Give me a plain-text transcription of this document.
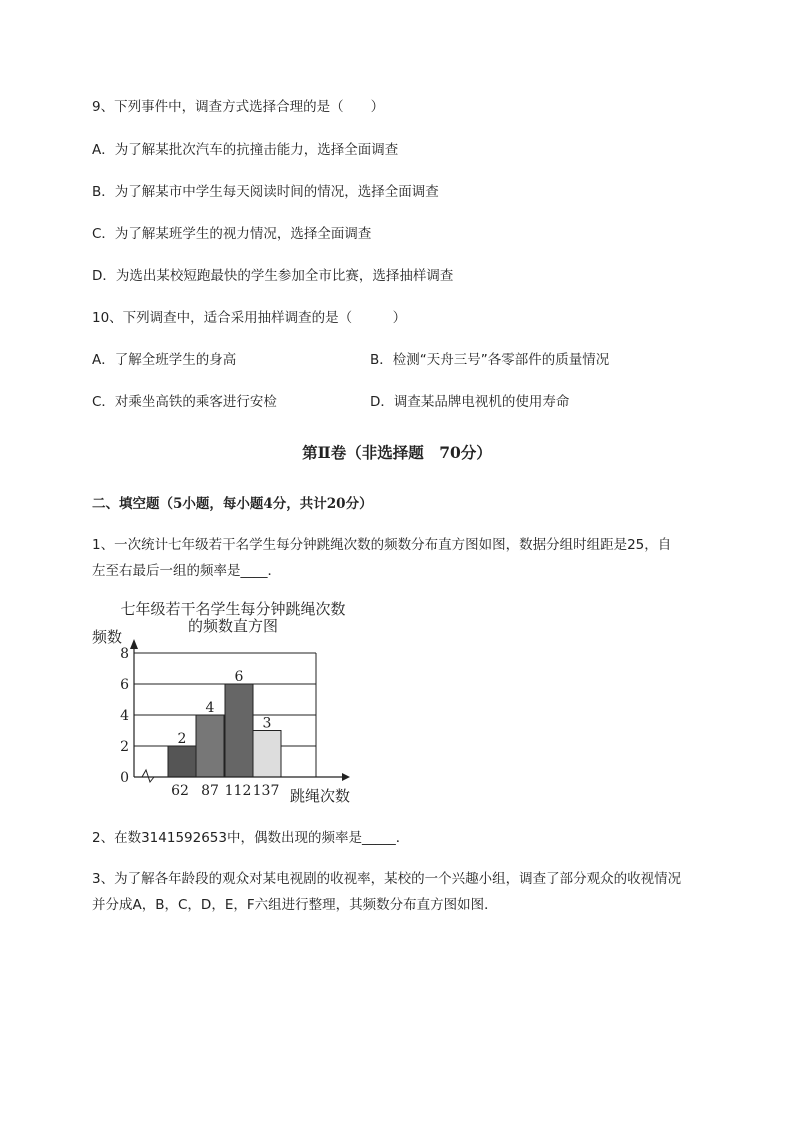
9、下列事件中，调查方式选择合理的是（　　）
A．为了解某批次汽车的抗撞击能力，选择全面调查
B．为了解某市中学生每天阅读时间的情况，选择全面调查
C．为了解某班学生的视力情况，选择全面调查
D．为选出某校短跑最快的学生参加全市比赛，选择抽样调查
10、下列调查中，适合采用抽样调查的是（　　　）
A．了解全班学生的身高	B．检测“天舟三号”各零部件的质量情况
C．对乘坐高铁的乘客进行安检	D．调查某品牌电视机的使用寿命
第Ⅱ卷（非选择题　70分）
二、填空题（5小题，每小题4分，共计20分）
1、一次统计七年级若干名学生每分钟跳绳次数的频数分布直方图如图，数据分组时组距是25，自
左至右最后一组的频率是____．
七年级若干名学生每分钟跳绳次数
的频数直方图
频数
跳绳次数
0
2
4
6
8
2
4
6
3
62 87 112 137
2、在数3141592653中，偶数出现的频率是_____．
3、为了解各年龄段的观众对某电视剧的收视率，某校的一个兴趣小组，调查了部分观众的收视情况
并分成A，B，C，D，E，F六组进行整理，其频数分布直方图如图．
